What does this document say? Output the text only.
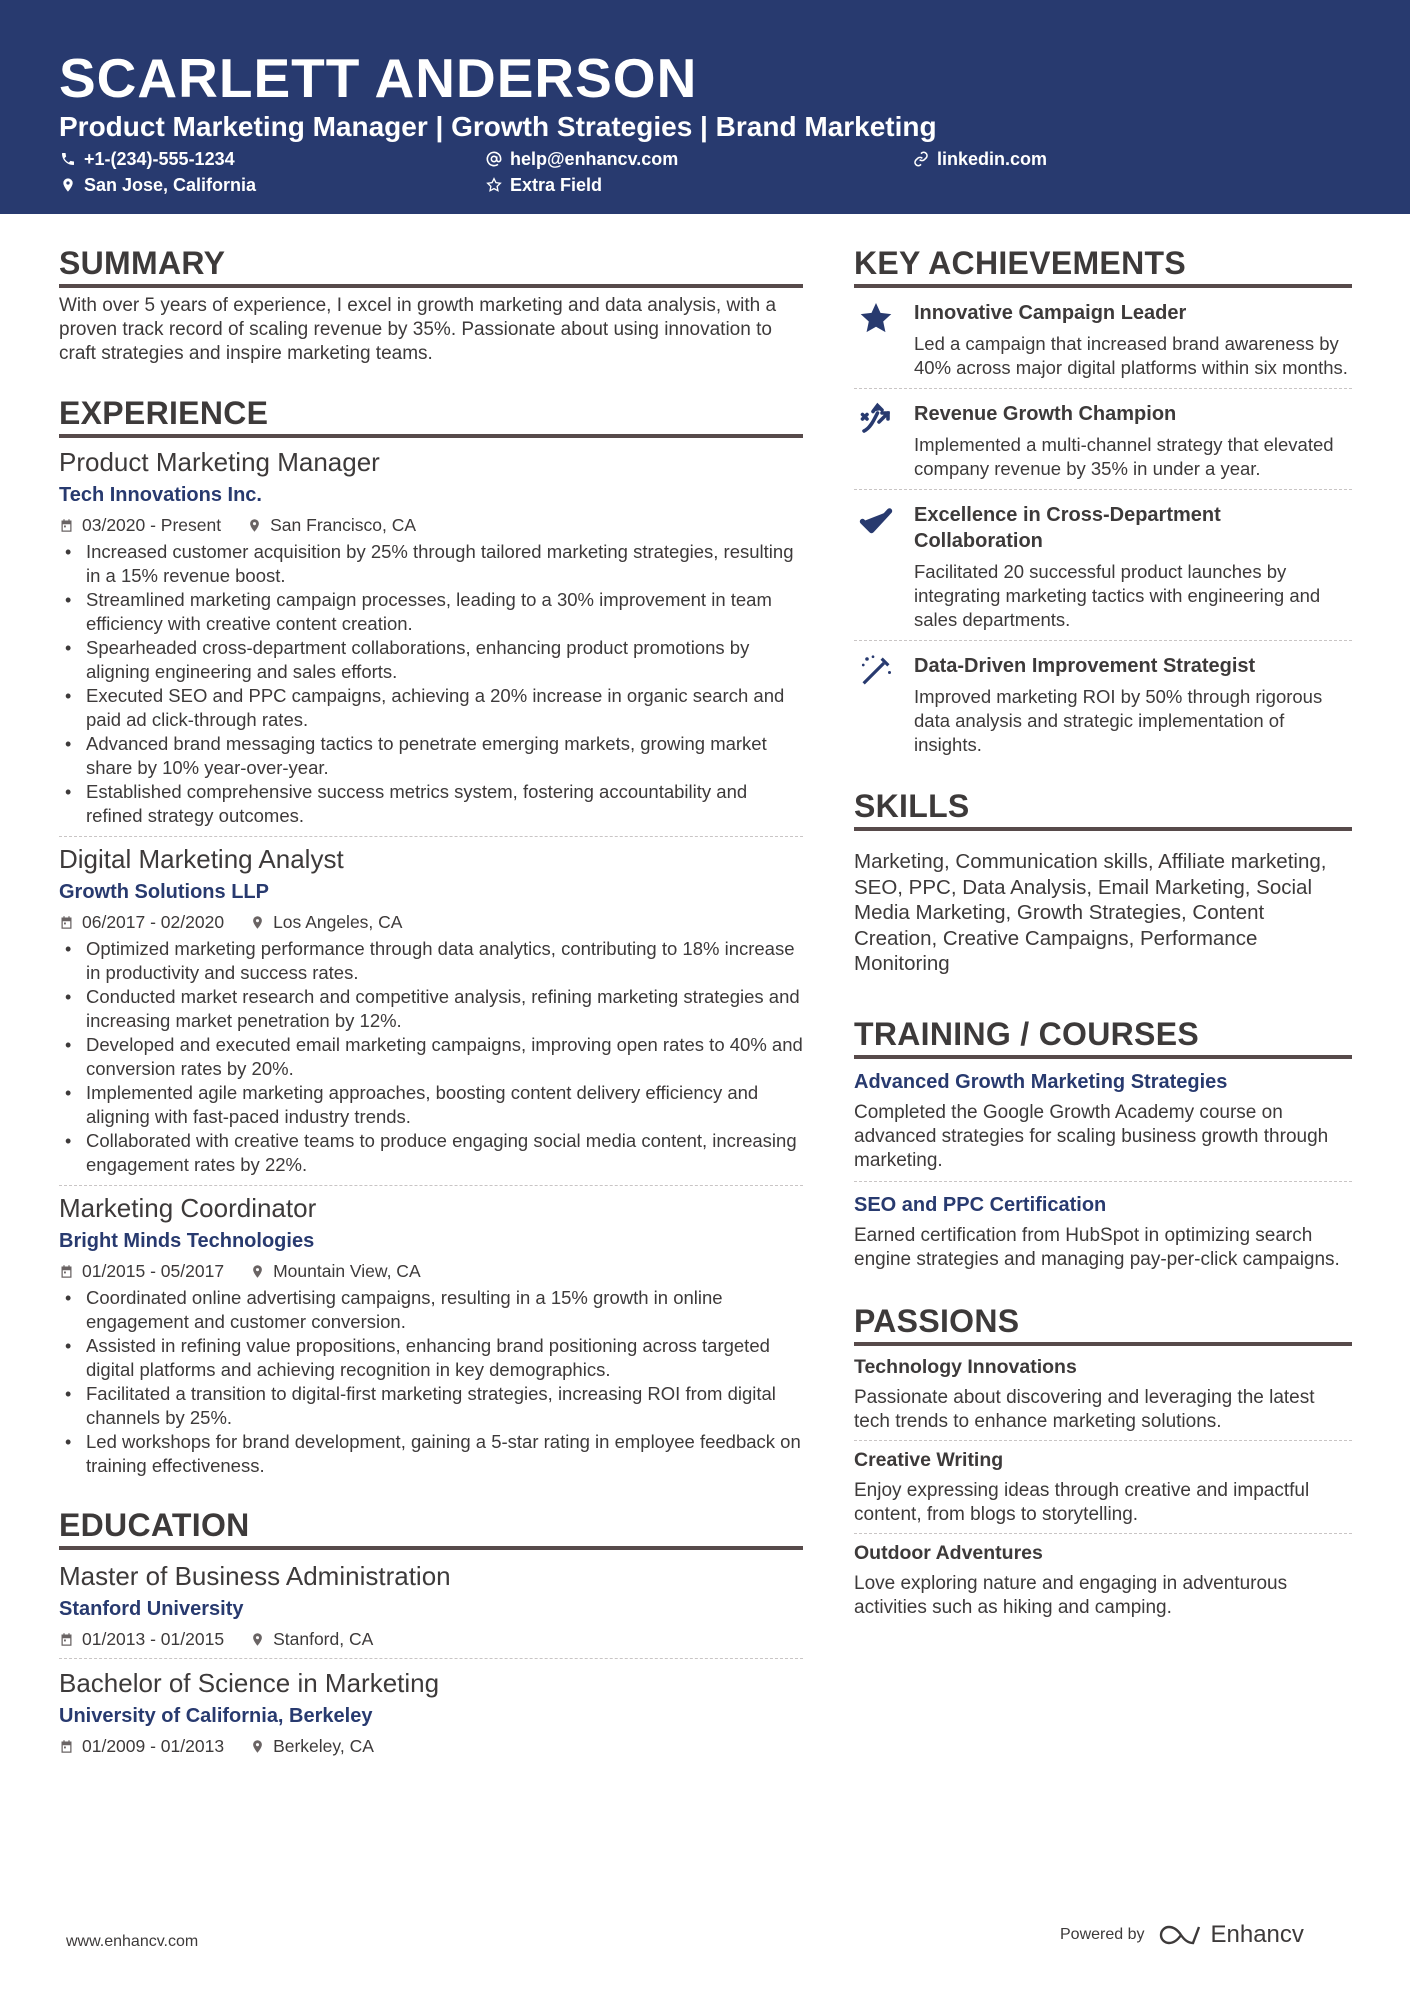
SCARLETT ANDERSON
Product Marketing Manager | Growth Strategies | Brand Marketing
+1-(234)-555-1234	help@enhancv.com	linkedin.com
San Jose, California	Extra Field
SUMMARY
With over 5 years of experience, I excel in growth marketing and data analysis, with a proven track record of scaling revenue by 35%. Passionate about using innovation to craft strategies and inspire marketing teams.
EXPERIENCE
Product Marketing Manager
Tech Innovations Inc.
03/2020 - Present	San Francisco, CA
• Increased customer acquisition by 25% through tailored marketing strategies, resulting in a 15% revenue boost.
• Streamlined marketing campaign processes, leading to a 30% improvement in team efficiency with creative content creation.
• Spearheaded cross-department collaborations, enhancing product promotions by aligning engineering and sales efforts.
• Executed SEO and PPC campaigns, achieving a 20% increase in organic search and paid ad click-through rates.
• Advanced brand messaging tactics to penetrate emerging markets, growing market share by 10% year-over-year.
• Established comprehensive success metrics system, fostering accountability and refined strategy outcomes.
Digital Marketing Analyst
Growth Solutions LLP
06/2017 - 02/2020	Los Angeles, CA
• Optimized marketing performance through data analytics, contributing to 18% increase in productivity and success rates.
• Conducted market research and competitive analysis, refining marketing strategies and increasing market penetration by 12%.
• Developed and executed email marketing campaigns, improving open rates to 40% and conversion rates by 20%.
• Implemented agile marketing approaches, boosting content delivery efficiency and aligning with fast-paced industry trends.
• Collaborated with creative teams to produce engaging social media content, increasing engagement rates by 22%.
Marketing Coordinator
Bright Minds Technologies
01/2015 - 05/2017	Mountain View, CA
• Coordinated online advertising campaigns, resulting in a 15% growth in online engagement and customer conversion.
• Assisted in refining value propositions, enhancing brand positioning across targeted digital platforms and achieving recognition in key demographics.
• Facilitated a transition to digital-first marketing strategies, increasing ROI from digital channels by 25%.
• Led workshops for brand development, gaining a 5-star rating in employee feedback on training effectiveness.
EDUCATION
Master of Business Administration
Stanford University
01/2013 - 01/2015	Stanford, CA
Bachelor of Science in Marketing
University of California, Berkeley
01/2009 - 01/2013	Berkeley, CA
KEY ACHIEVEMENTS
Innovative Campaign Leader
Led a campaign that increased brand awareness by 40% across major digital platforms within six months.
Revenue Growth Champion
Implemented a multi-channel strategy that elevated company revenue by 35% in under a year.
Excellence in Cross-Department Collaboration
Facilitated 20 successful product launches by integrating marketing tactics with engineering and sales departments.
Data-Driven Improvement Strategist
Improved marketing ROI by 50% through rigorous data analysis and strategic implementation of insights.
SKILLS
Marketing, Communication skills, Affiliate marketing, SEO, PPC, Data Analysis, Email Marketing, Social Media Marketing, Growth Strategies, Content Creation, Creative Campaigns, Performance Monitoring
TRAINING / COURSES
Advanced Growth Marketing Strategies
Completed the Google Growth Academy course on advanced strategies for scaling business growth through marketing.
SEO and PPC Certification
Earned certification from HubSpot in optimizing search engine strategies and managing pay-per-click campaigns.
PASSIONS
Technology Innovations
Passionate about discovering and leveraging the latest tech trends to enhance marketing solutions.
Creative Writing
Enjoy expressing ideas through creative and impactful content, from blogs to storytelling.
Outdoor Adventures
Love exploring nature and engaging in adventurous activities such as hiking and camping.
www.enhancv.com	Powered by	Enhancv
